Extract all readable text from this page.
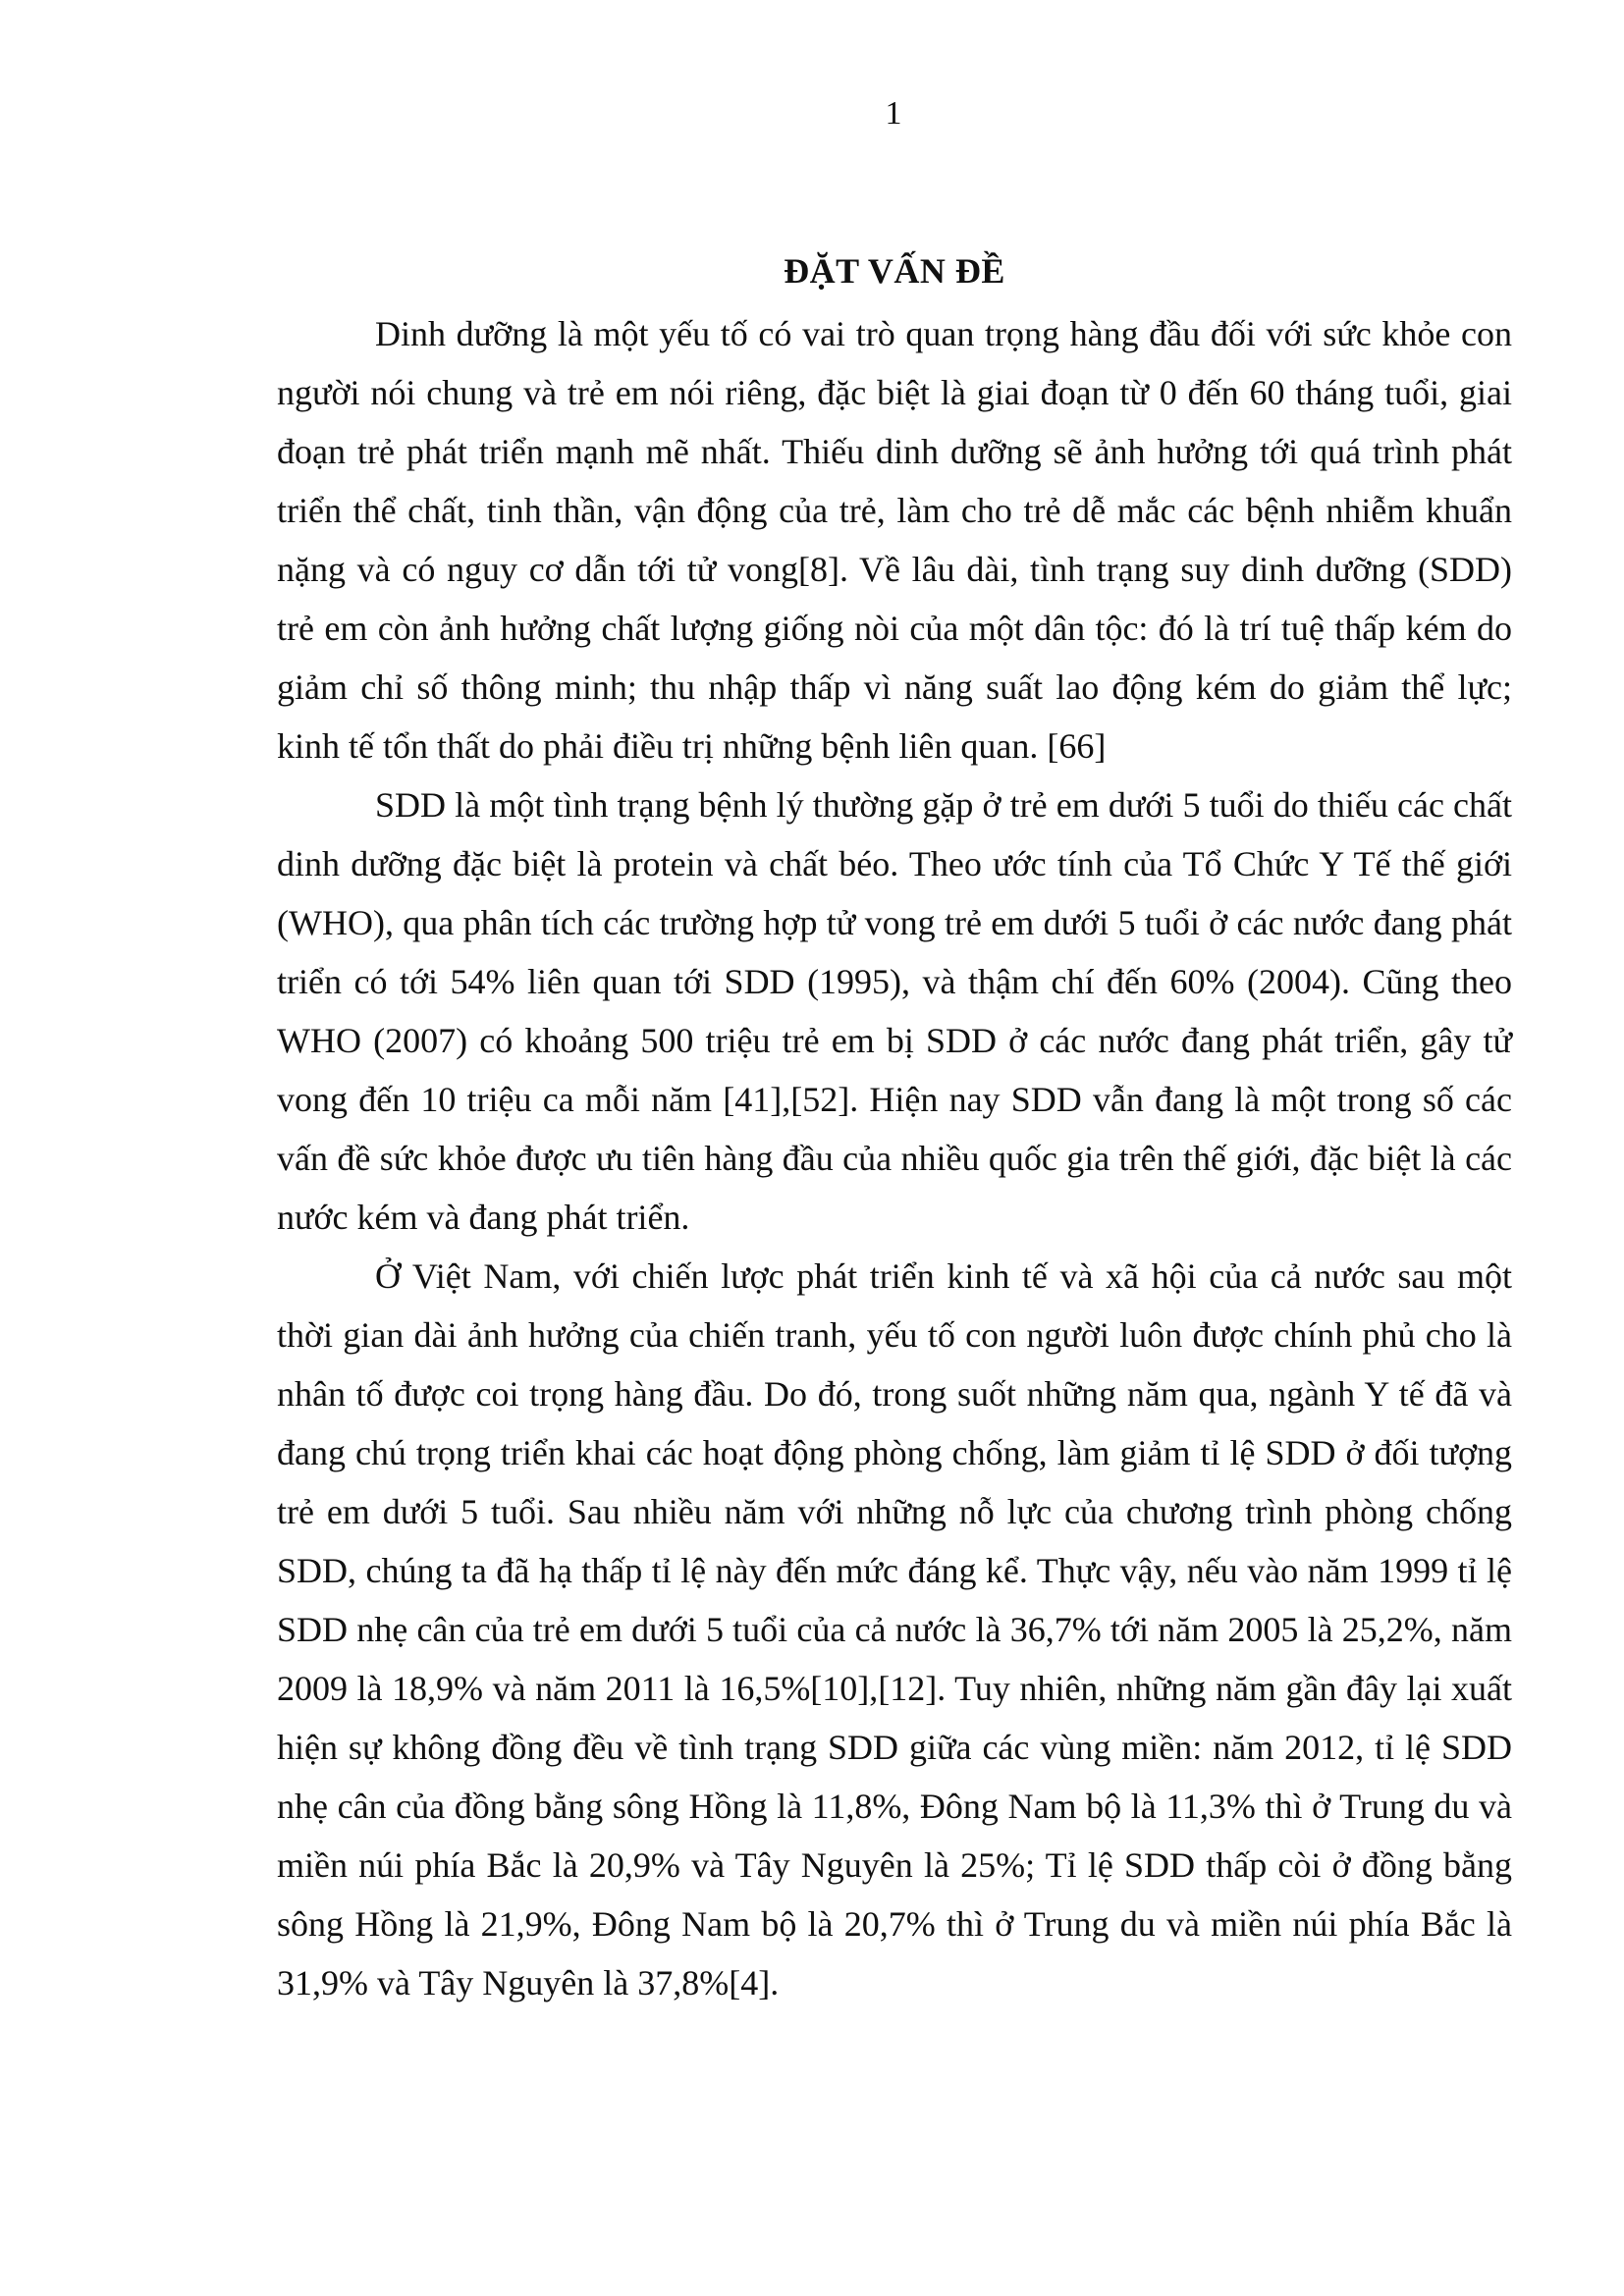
1
ĐẶT VẤN ĐỀ

Dinh dưỡng là một yếu tố có vai trò quan trọng hàng đầu đối với sức khỏe con người nói chung và trẻ em nói riêng, đặc biệt là giai đoạn từ 0 đến 60 tháng tuổi, giai đoạn trẻ phát triển mạnh mẽ nhất. Thiếu dinh dưỡng sẽ ảnh hưởng tới quá trình phát triển thể chất, tinh thần, vận động của trẻ, làm cho trẻ dễ mắc các bệnh nhiễm khuẩn nặng và có nguy cơ dẫn tới tử vong[8]. Về lâu dài, tình trạng suy dinh dưỡng (SDD) trẻ em còn ảnh hưởng chất lượng giống nòi của một dân tộc: đó là trí tuệ thấp kém do giảm chỉ số thông minh; thu nhập thấp vì năng suất lao động kém do giảm thể lực; kinh tế tổn thất do phải điều trị những bệnh liên quan. [66]

SDD là một tình trạng bệnh lý thường gặp ở trẻ em dưới 5 tuổi do thiếu các chất dinh dưỡng đặc biệt là protein và chất béo. Theo ước tính của Tổ Chức Y Tế thế giới (WHO), qua phân tích các trường hợp tử vong trẻ em dưới 5 tuổi ở các nước đang phát triển có tới 54% liên quan tới SDD (1995), và thậm chí đến 60% (2004). Cũng theo WHO (2007) có khoảng 500 triệu trẻ em bị SDD ở các nước đang phát triển, gây tử vong đến 10 triệu ca mỗi năm [41],[52]. Hiện nay SDD vẫn đang là một trong số các vấn đề sức khỏe được ưu tiên hàng đầu của nhiều quốc gia trên thế giới, đặc biệt là các nước kém và đang phát triển.

Ở Việt Nam, với chiến lược phát triển kinh tế và xã hội của cả nước sau một thời gian dài ảnh hưởng của chiến tranh, yếu tố con người luôn được chính phủ cho là nhân tố được coi trọng hàng đầu. Do đó, trong suốt những năm qua, ngành Y tế đã và đang chú trọng triển khai các hoạt động phòng chống, làm giảm tỉ lệ SDD ở đối tượng trẻ em dưới 5 tuổi. Sau nhiều năm với những nỗ lực của chương trình phòng chống SDD, chúng ta đã hạ thấp tỉ lệ này đến mức đáng kể. Thực vậy, nếu vào năm 1999 tỉ lệ SDD nhẹ cân của trẻ em dưới 5 tuổi của cả nước là 36,7% tới năm 2005 là 25,2%, năm 2009 là 18,9% và năm 2011 là 16,5%[10],[12]. Tuy nhiên, những năm gần đây lại xuất hiện sự không đồng đều về tình trạng SDD giữa các vùng miền: năm 2012, tỉ lệ SDD nhẹ cân của đồng bằng sông Hồng là 11,8%, Đông Nam bộ là 11,3% thì ở Trung du và miền núi phía Bắc là 20,9% và Tây Nguyên là 25%; Tỉ lệ SDD thấp còi ở đồng bằng sông Hồng là 21,9%, Đông Nam bộ là 20,7% thì ở Trung du và miền núi phía Bắc là 31,9% và Tây Nguyên là 37,8%[4].
